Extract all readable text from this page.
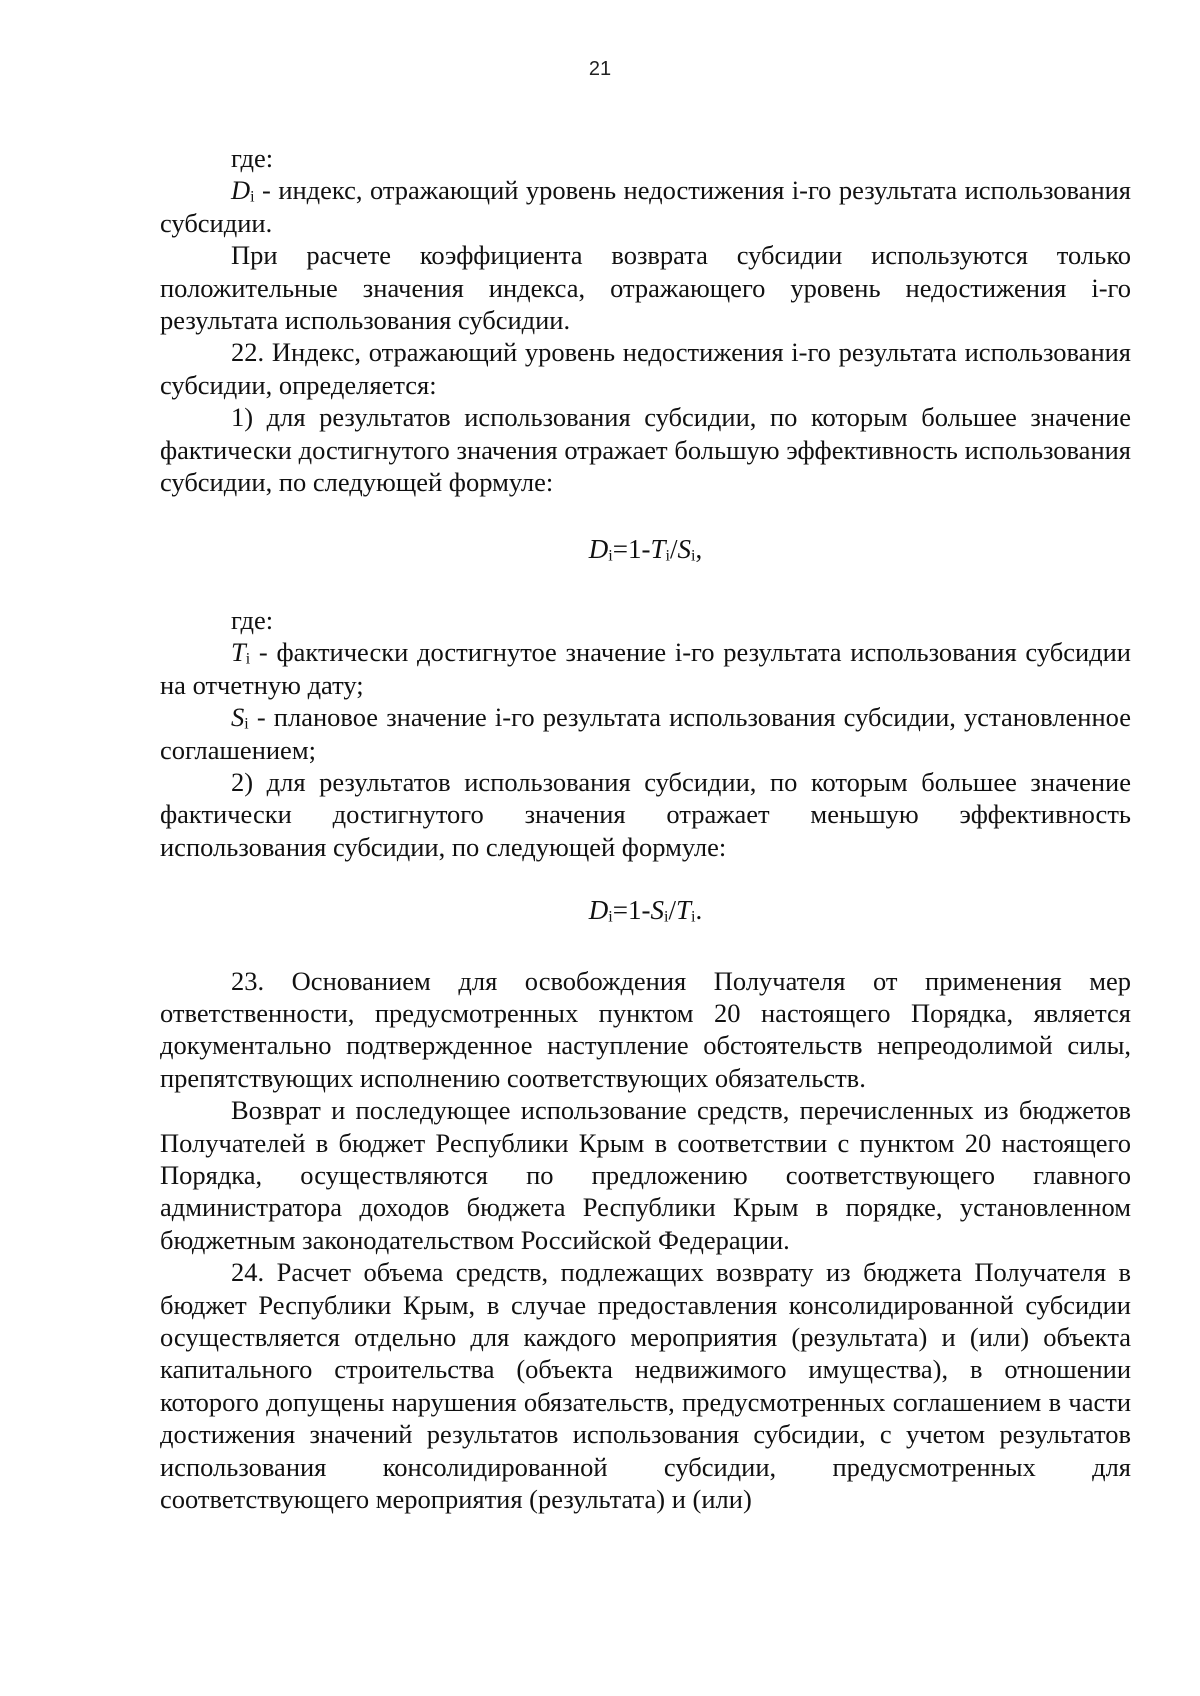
21

где:

$D_i$ - индекс, отражающий уровень недостижения i-го результата использования субсидии.

При расчете коэффициента возврата субсидии используются только положительные значения индекса, отражающего уровень недостижения i-го результата использования субсидии.

22. Индекс, отражающий уровень недостижения i-го результата использования субсидии, определяется:

1) для результатов использования субсидии, по которым большее значение фактически достигнутого значения отражает большую эффективность использования субсидии, по следующей формуле:

$D_i=1-T_i/S_i$,

где:

$T_i$ - фактически достигнутое значение i-го результата использования субсидии на отчетную дату;

$S_i$ - плановое значение i-го результата использования субсидии, установленное соглашением;

2) для результатов использования субсидии, по которым большее значение фактически достигнутого значения отражает меньшую эффективность использования субсидии, по следующей формуле:

$D_i=1-S_i/T_i$.

23. Основанием для освобождения Получателя от применения мер ответственности, предусмотренных пунктом 20 настоящего Порядка, является документально подтвержденное наступление обстоятельств непреодолимой силы, препятствующих исполнению соответствующих обязательств.

Возврат и последующее использование средств, перечисленных из бюджетов Получателей в бюджет Республики Крым в соответствии с пунктом 20 настоящего Порядка, осуществляются по предложению соответствующего главного администратора доходов бюджета Республики Крым в порядке, установленном бюджетным законодательством Российской Федерации.

24. Расчет объема средств, подлежащих возврату из бюджета Получателя в бюджет Республики Крым, в случае предоставления консолидированной субсидии осуществляется отдельно для каждого мероприятия (результата) и (или) объекта капитального строительства (объекта недвижимого имущества), в отношении которого допущены нарушения обязательств, предусмотренных соглашением в части достижения значений результатов использования субсидии, с учетом результатов использования консолидированной субсидии, предусмотренных для соответствующего мероприятия (результата) и (или)
